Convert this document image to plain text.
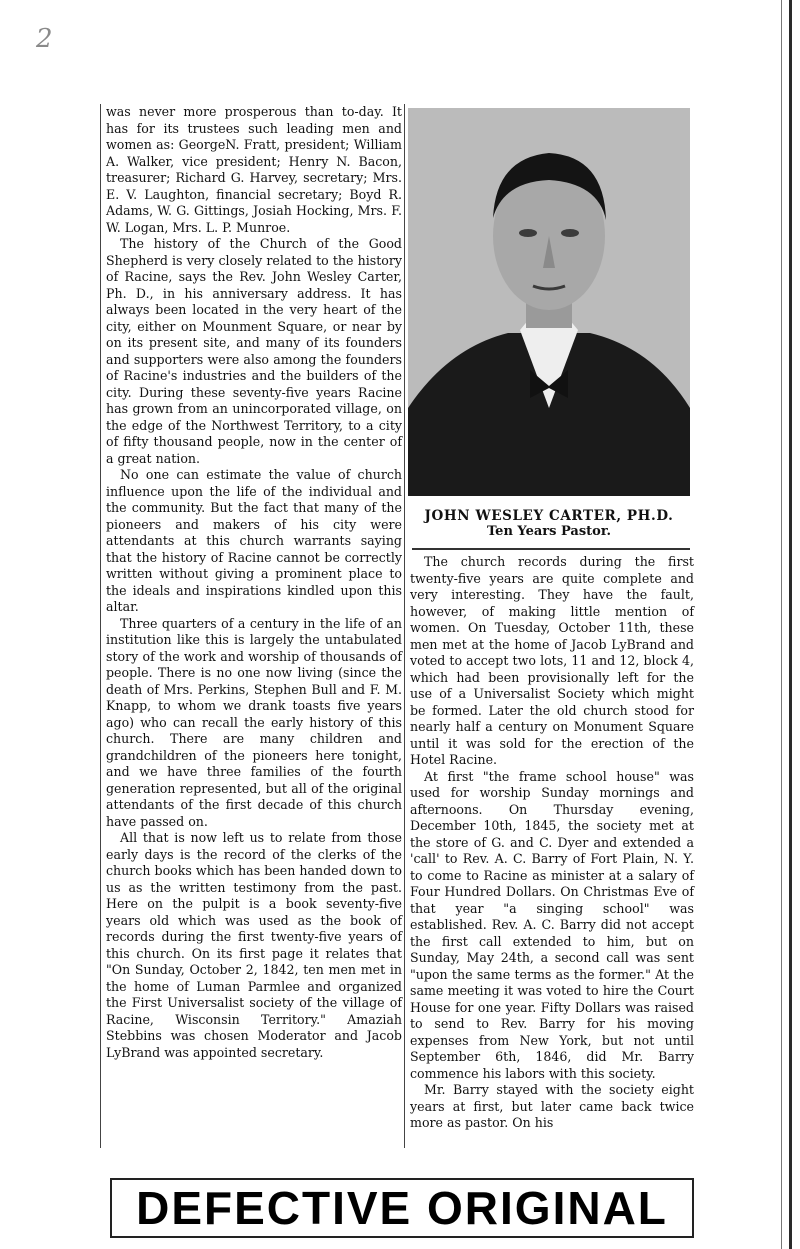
2

was never more prosperous than to-day. It has for its trustees such leading men and women as: GeorgeN. Fratt, president; William A. Walker, vice president; Henry N. Bacon, treasurer; Richard G. Harvey, secretary; Mrs. E. V. Laughton, financial secretary; Boyd R. Adams, W. G. Gittings, Josiah Hocking, Mrs. F. W. Logan, Mrs. L. P. Munroe.

The history of the Church of the Good Shepherd is very closely related to the history of Racine, says the Rev. John Wesley Carter, Ph. D., in his anniversary address. It has always been located in the very heart of the city, either on Mounment Square, or near by on its present site, and many of its founders and supporters were also among the founders of Racine's industries and the builders of the city. During these seventy-five years Racine has grown from an unincorporated village, on the edge of the Northwest Territory, to a city of fifty thousand people, now in the center of a great nation.

No one can estimate the value of church influence upon the life of the individual and the community. But the fact that many of the pioneers and makers of his city were attendants at this church warrants saying that the history of Racine cannot be correctly written without giving a prominent place to the ideals and inspirations kindled upon this altar.

Three quarters of a century in the life of an institution like this is largely the untabulated story of the work and worship of thousands of people. There is no one now living (since the death of Mrs. Perkins, Stephen Bull and F. M. Knapp, to whom we drank toasts five years ago) who can recall the early history of this church. There are many children and grandchildren of the pioneers here tonight, and we have three families of the fourth generation represented, but all of the original attendants of the first decade of this church have passed on.

All that is now left us to relate from those early days is the record of the clerks of the church books which has been handed down to us as the written testimony from the past. Here on the pulpit is a book seventy-five years old which was used as the book of records during the first twenty-five years of this church. On its first page it relates that "On Sunday, October 2, 1842, ten men met in the home of Luman Parmlee and organized the First Universalist society of the village of Racine, Wisconsin Territory." Amaziah Stebbins was chosen Moderator and Jacob LyBrand was appointed secretary.

JOHN WESLEY CARTER, PH.D.
Ten Years Pastor.

The church records during the first twenty-five years are quite complete and very interesting. They have the fault, however, of making little mention of women. On Tuesday, October 11th, these men met at the home of Jacob LyBrand and voted to accept two lots, 11 and 12, block 4, which had been provisionally left for the use of a Universalist Society which might be formed. Later the old church stood for nearly half a century on Monument Square until it was sold for the erection of the Hotel Racine.

At first "the frame school house" was used for worship Sunday mornings and afternoons. On Thursday evening, December 10th, 1845, the society met at the store of G. and C. Dyer and extended a 'call' to Rev. A. C. Barry of Fort Plain, N. Y. to come to Racine as minister at a salary of Four Hundred Dollars. On Christmas Eve of that year "a singing school" was established. Rev. A. C. Barry did not accept the first call extended to him, but on Sunday, May 24th, a second call was sent "upon the same terms as the former." At the same meeting it was voted to hire the Court House for one year. Fifty Dollars was raised to send to Rev. Barry for his moving expenses from New York, but not until September 6th, 1846, did Mr. Barry commence his labors with this society.

Mr. Barry stayed with the society eight years at first, but later came back twice more as pastor. On his

DEFECTIVE ORIGINAL
